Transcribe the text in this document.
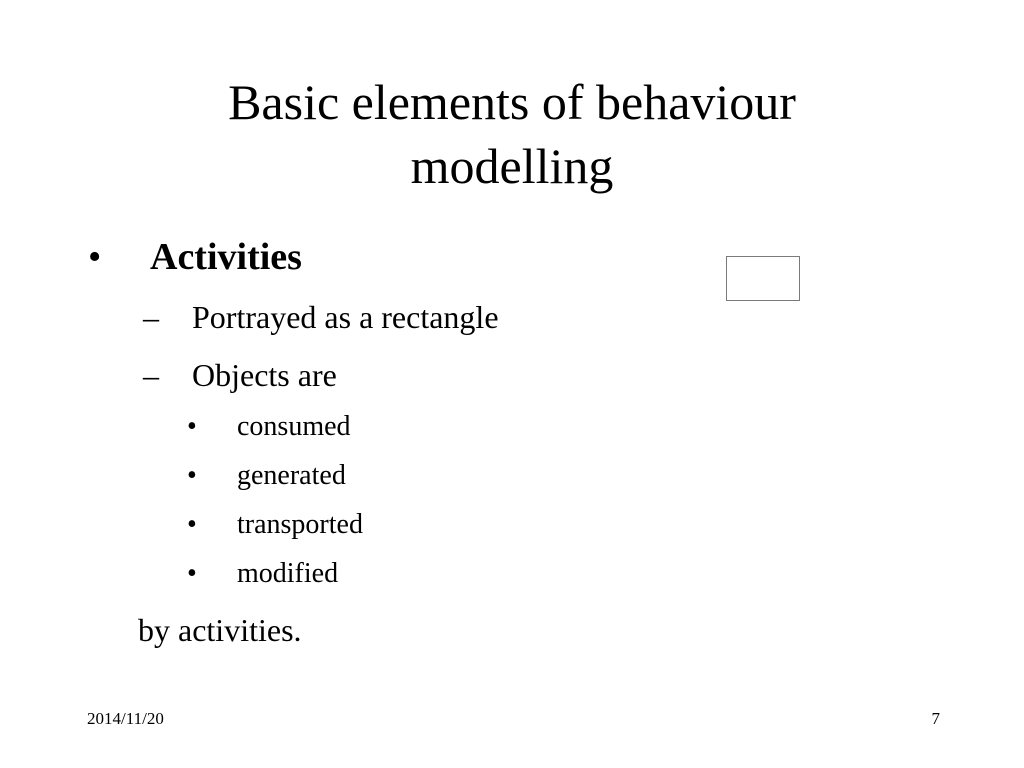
Basic elements of behaviour
modelling
• Activities
– Portrayed as a rectangle
– Objects are
• consumed
• generated
• transported
• modified
by activities.
2014/11/20	7
